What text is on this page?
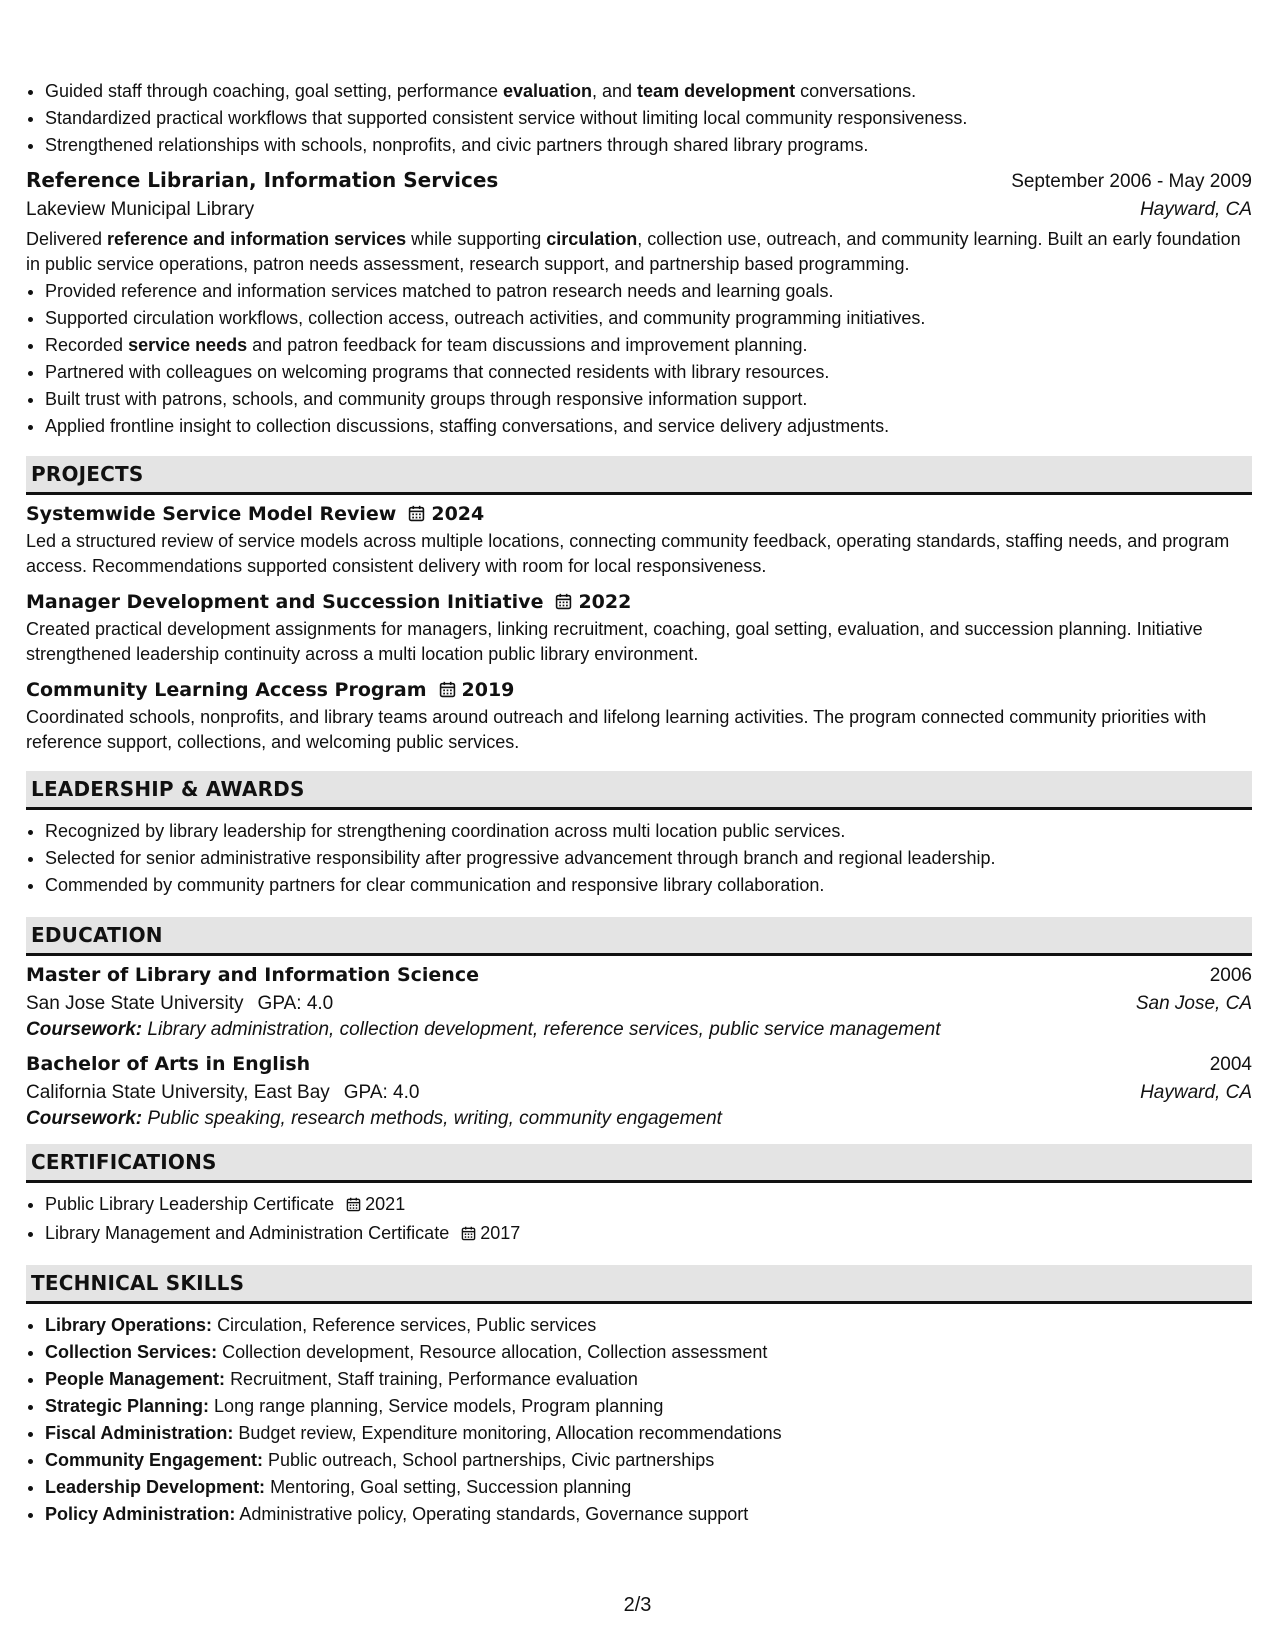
• Guided staff through coaching, goal setting, performance evaluation, and team development conversations.
• Standardized practical workflows that supported consistent service without limiting local community responsiveness.
• Strengthened relationships with schools, nonprofits, and civic partners through shared library programs.
Reference Librarian, Information Services	September 2006 - May 2009
Lakeview Municipal Library	Hayward, CA
Delivered reference and information services while supporting circulation, collection use, outreach, and community learning. Built an early foundation in public service operations, patron needs assessment, research support, and partnership based programming.
• Provided reference and information services matched to patron research needs and learning goals.
• Supported circulation workflows, collection access, outreach activities, and community programming initiatives.
• Recorded service needs and patron feedback for team discussions and improvement planning.
• Partnered with colleagues on welcoming programs that connected residents with library resources.
• Built trust with patrons, schools, and community groups through responsive information support.
• Applied frontline insight to collection discussions, staffing conversations, and service delivery adjustments.
PROJECTS
Systemwide Service Model Review 2024
Led a structured review of service models across multiple locations, connecting community feedback, operating standards, staffing needs, and program access. Recommendations supported consistent delivery with room for local responsiveness.
Manager Development and Succession Initiative 2022
Created practical development assignments for managers, linking recruitment, coaching, goal setting, evaluation, and succession planning. Initiative strengthened leadership continuity across a multi location public library environment.
Community Learning Access Program 2019
Coordinated schools, nonprofits, and library teams around outreach and lifelong learning activities. The program connected community priorities with reference support, collections, and welcoming public services.
LEADERSHIP & AWARDS
• Recognized by library leadership for strengthening coordination across multi location public services.
• Selected for senior administrative responsibility after progressive advancement through branch and regional leadership.
• Commended by community partners for clear communication and responsive library collaboration.
EDUCATION
Master of Library and Information Science	2006
San Jose State University GPA: 4.0	San Jose, CA
Coursework: Library administration, collection development, reference services, public service management
Bachelor of Arts in English	2004
California State University, East Bay GPA: 4.0	Hayward, CA
Coursework: Public speaking, research methods, writing, community engagement
CERTIFICATIONS
• Public Library Leadership Certificate 2021
• Library Management and Administration Certificate 2017
TECHNICAL SKILLS
• Library Operations: Circulation, Reference services, Public services
• Collection Services: Collection development, Resource allocation, Collection assessment
• People Management: Recruitment, Staff training, Performance evaluation
• Strategic Planning: Long range planning, Service models, Program planning
• Fiscal Administration: Budget review, Expenditure monitoring, Allocation recommendations
• Community Engagement: Public outreach, School partnerships, Civic partnerships
• Leadership Development: Mentoring, Goal setting, Succession planning
• Policy Administration: Administrative policy, Operating standards, Governance support
2/3
